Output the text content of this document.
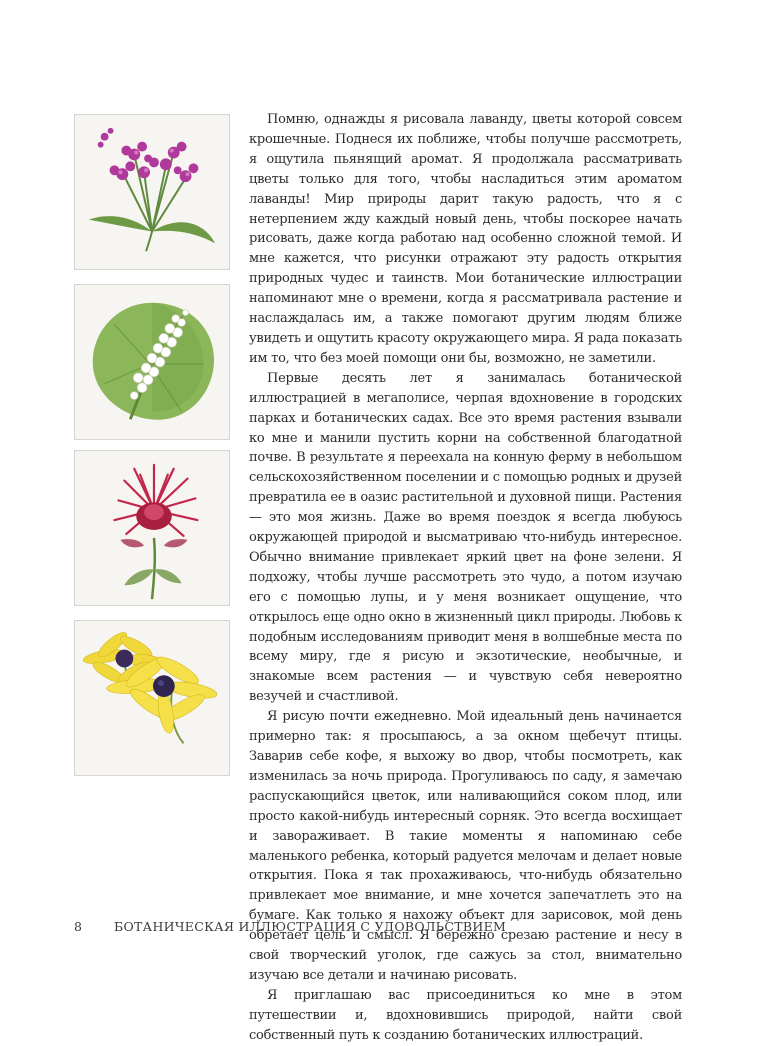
Помню, однажды я рисовала лаванду, цветы которой совсем крошечные. Поднеся их поближе, чтобы получше рассмотреть, я ощутила пьянящий аромат. Я продолжала рассматривать цветы только для того, чтобы насладиться этим ароматом лаванды! Мир природы дарит такую радость, что я с нетерпением жду каждый новый день, чтобы поскорее начать рисовать, даже когда работаю над особенно сложной темой. И мне кажется, что рисунки отражают эту радость открытия природных чудес и таинств. Мои ботанические иллюстрации напоминают мне о времени, когда я рассматривала растение и наслаждалась им, а также помогают другим людям ближе увидеть и ощутить красоту окружающего мира. Я рада показать им то, что без моей помощи они бы, возможно, не заметили.

Первые десять лет я занималась ботанической иллюстрацией в мегаполисе, черпая вдохновение в городских парках и ботанических садах. Все это время растения взывали ко мне и манили пустить корни на собственной благодатной почве. В результате я переехала на конную ферму в небольшом сельскохозяйственном поселении и с помощью родных и друзей превратила ее в оазис растительной и духовной пищи. Растения — это моя жизнь. Даже во время поездок я всегда любуюсь окружающей природой и высматриваю что-нибудь интересное. Обычно внимание привлекает яркий цвет на фоне зелени. Я подхожу, чтобы лучше рассмотреть это чудо, а потом изучаю его с помощью лупы, и у меня возникает ощущение, что открылось еще одно окно в жизненный цикл природы. Любовь к подобным исследованиям приводит меня в волшебные места по всему миру, где я рисую и экзотические, необычные, и знакомые всем растения — и чувствую себя невероятно везучей и счастливой.

Я рисую почти ежедневно. Мой идеальный день начинается примерно так: я просыпаюсь, а за окном щебечут птицы. Заварив себе кофе, я выхожу во двор, чтобы посмотреть, как изменилась за ночь природа. Прогуливаюсь по саду, я замечаю распускающийся цветок, или наливающийся соком плод, или просто какой-нибудь интересный сорняк. Это всегда восхищает и завораживает. В такие моменты я напоминаю себе маленького ребенка, который радуется мелочам и делает новые открытия. Пока я так прохаживаюсь, что-нибудь обязательно привлекает мое внимание, и мне хочется запечатлеть это на бумаге. Как только я нахожу объект для зарисовок, мой день обретает цель и смысл. Я бережно срезаю растение и несу в свой творческий уголок, где сажусь за стол, внимательно изучаю все детали и начинаю рисовать.

Я приглашаю вас присоединиться ко мне в этом путешествии и, вдохновившись природой, найти свой собственный путь к созданию ботанических иллюстраций.

8	БОТАНИЧЕСКАЯ ИЛЛЮСТРАЦИЯ С УДОВОЛЬСТВИЕМ
